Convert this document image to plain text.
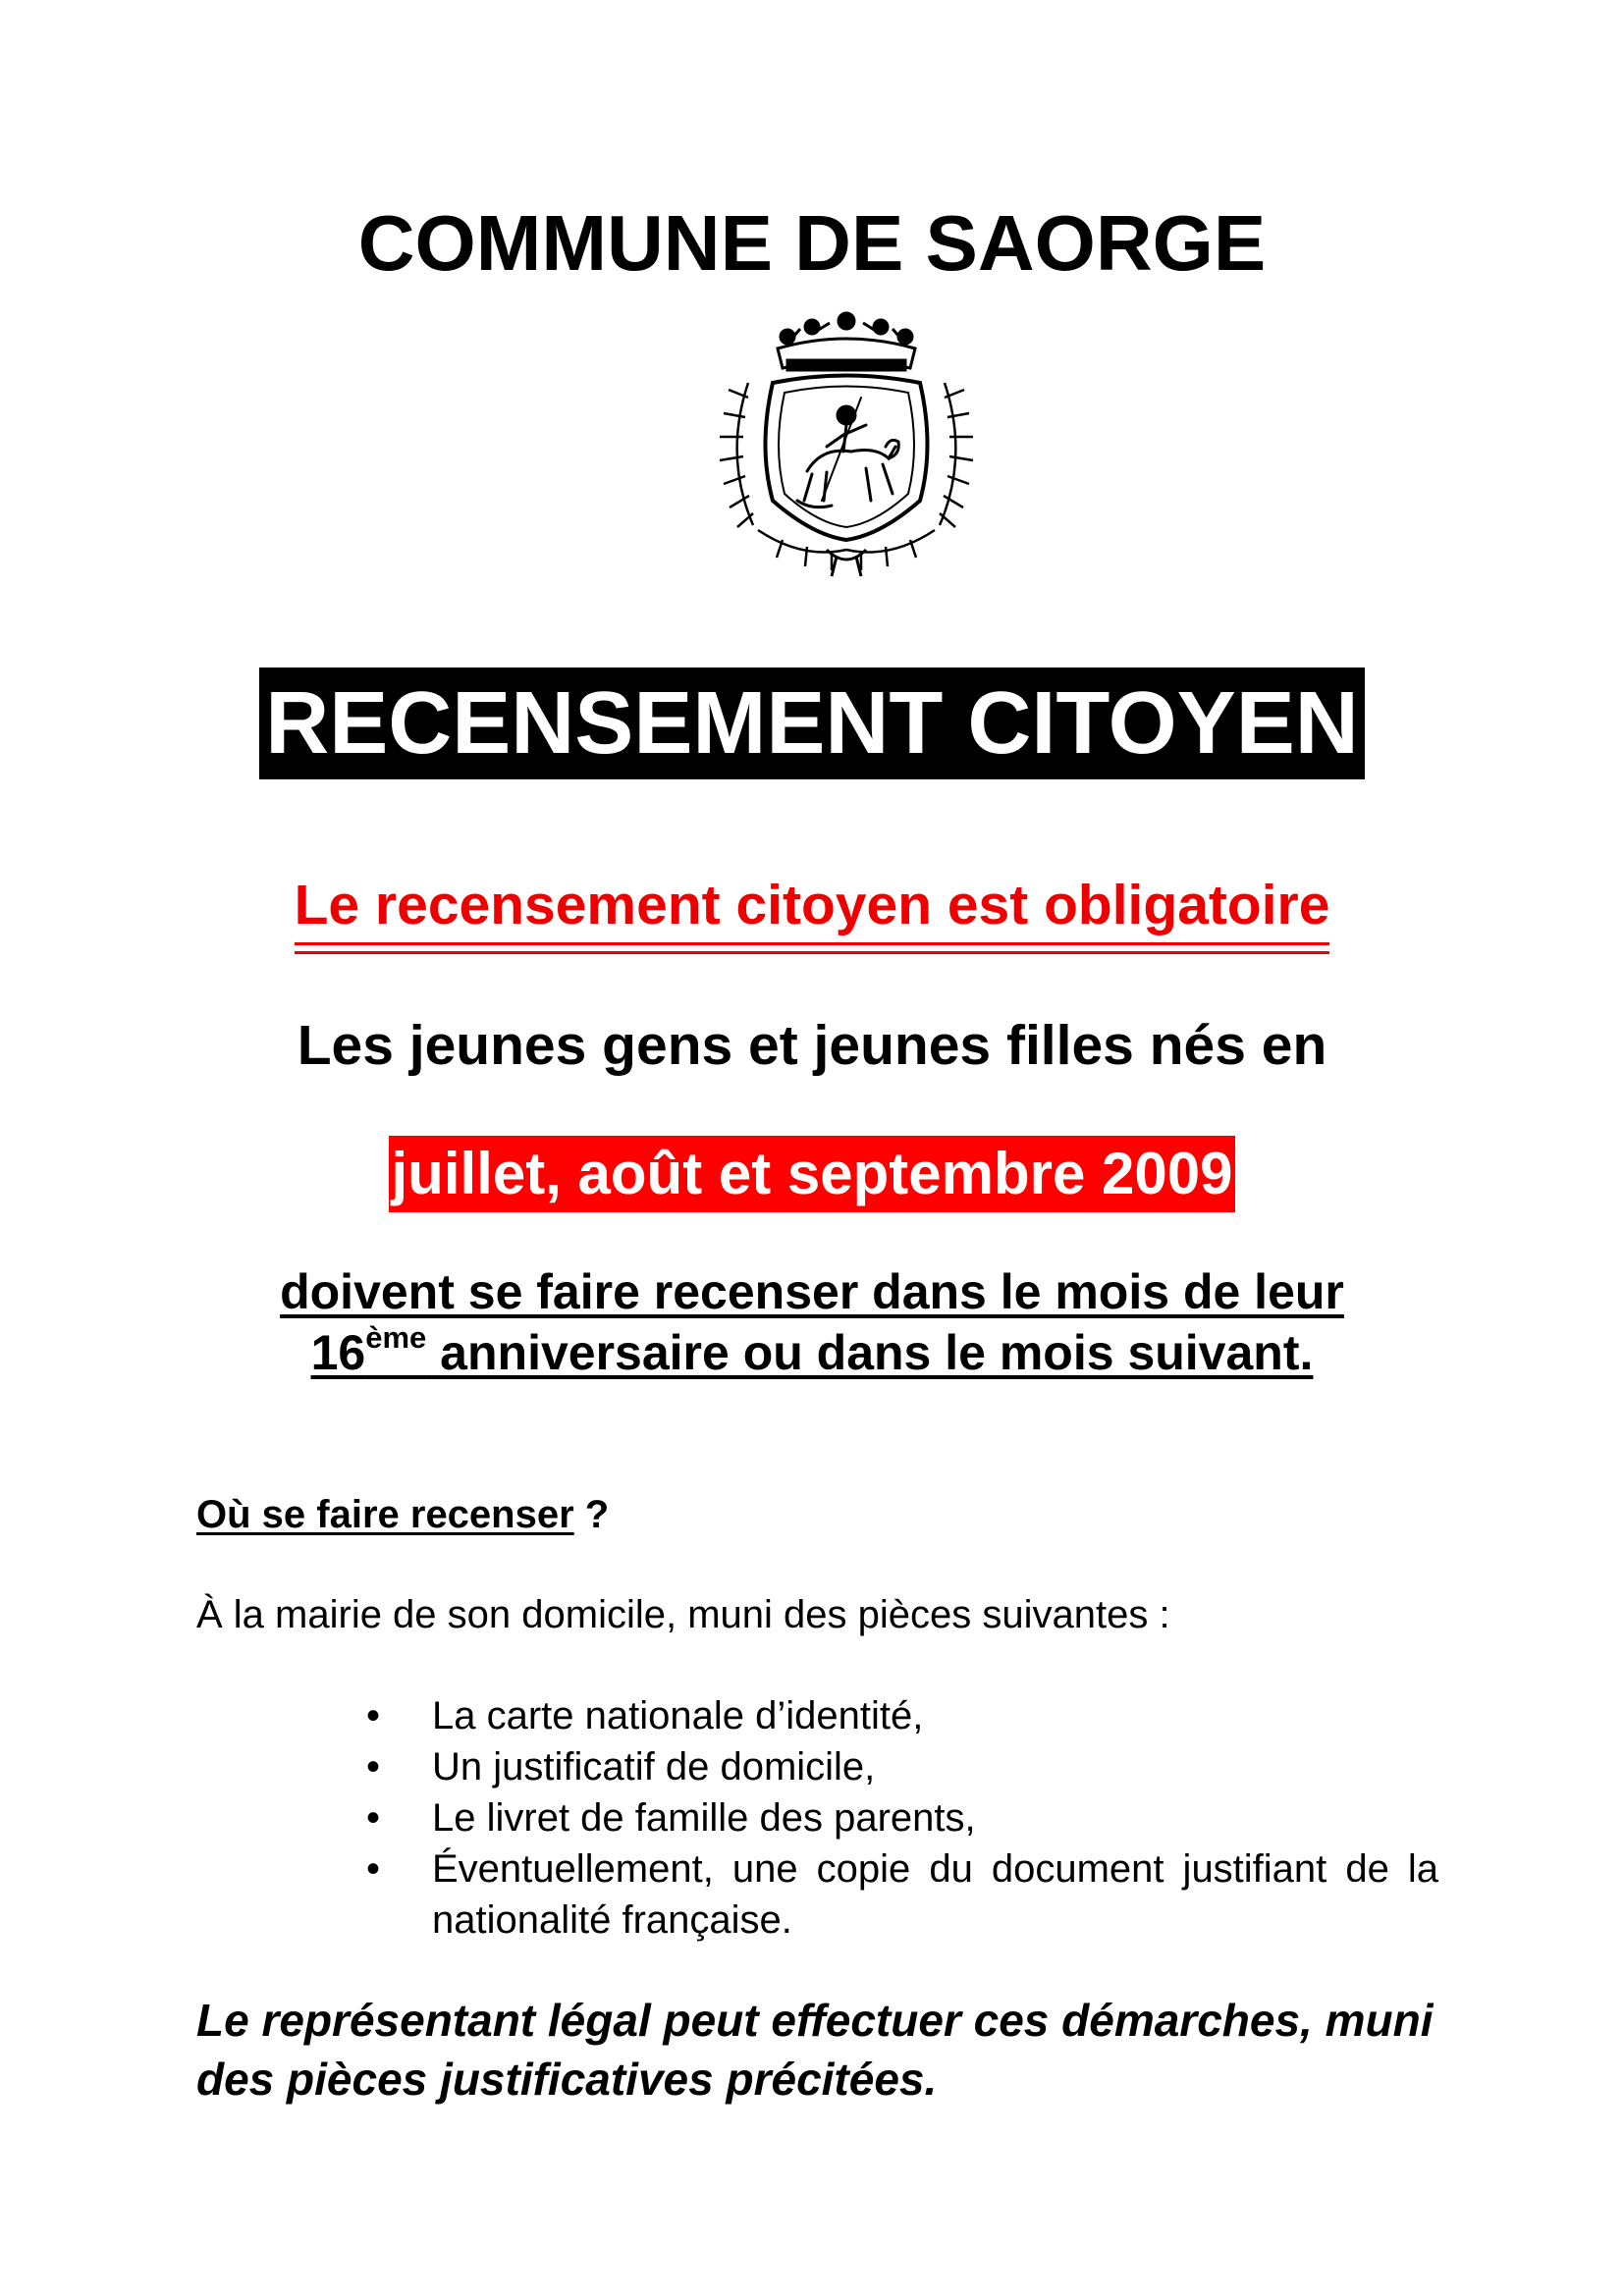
COMMUNE DE SAORGE
RECENSEMENT CITOYEN
Le recensement citoyen est obligatoire
Les jeunes gens et jeunes filles nés en
juillet, août et septembre 2009
doivent se faire recenser dans le mois de leur
16ème anniversaire ou dans le mois suivant.
Où se faire recenser ?
À la mairie de son domicile, muni des pièces suivantes :
• La carte nationale d’identité,
• Un justificatif de domicile,
• Le livret de famille des parents,
• Éventuellement, une copie du document justifiant de la nationalité française.
Le représentant légal peut effectuer ces démarches, muni des pièces justificatives précitées.
